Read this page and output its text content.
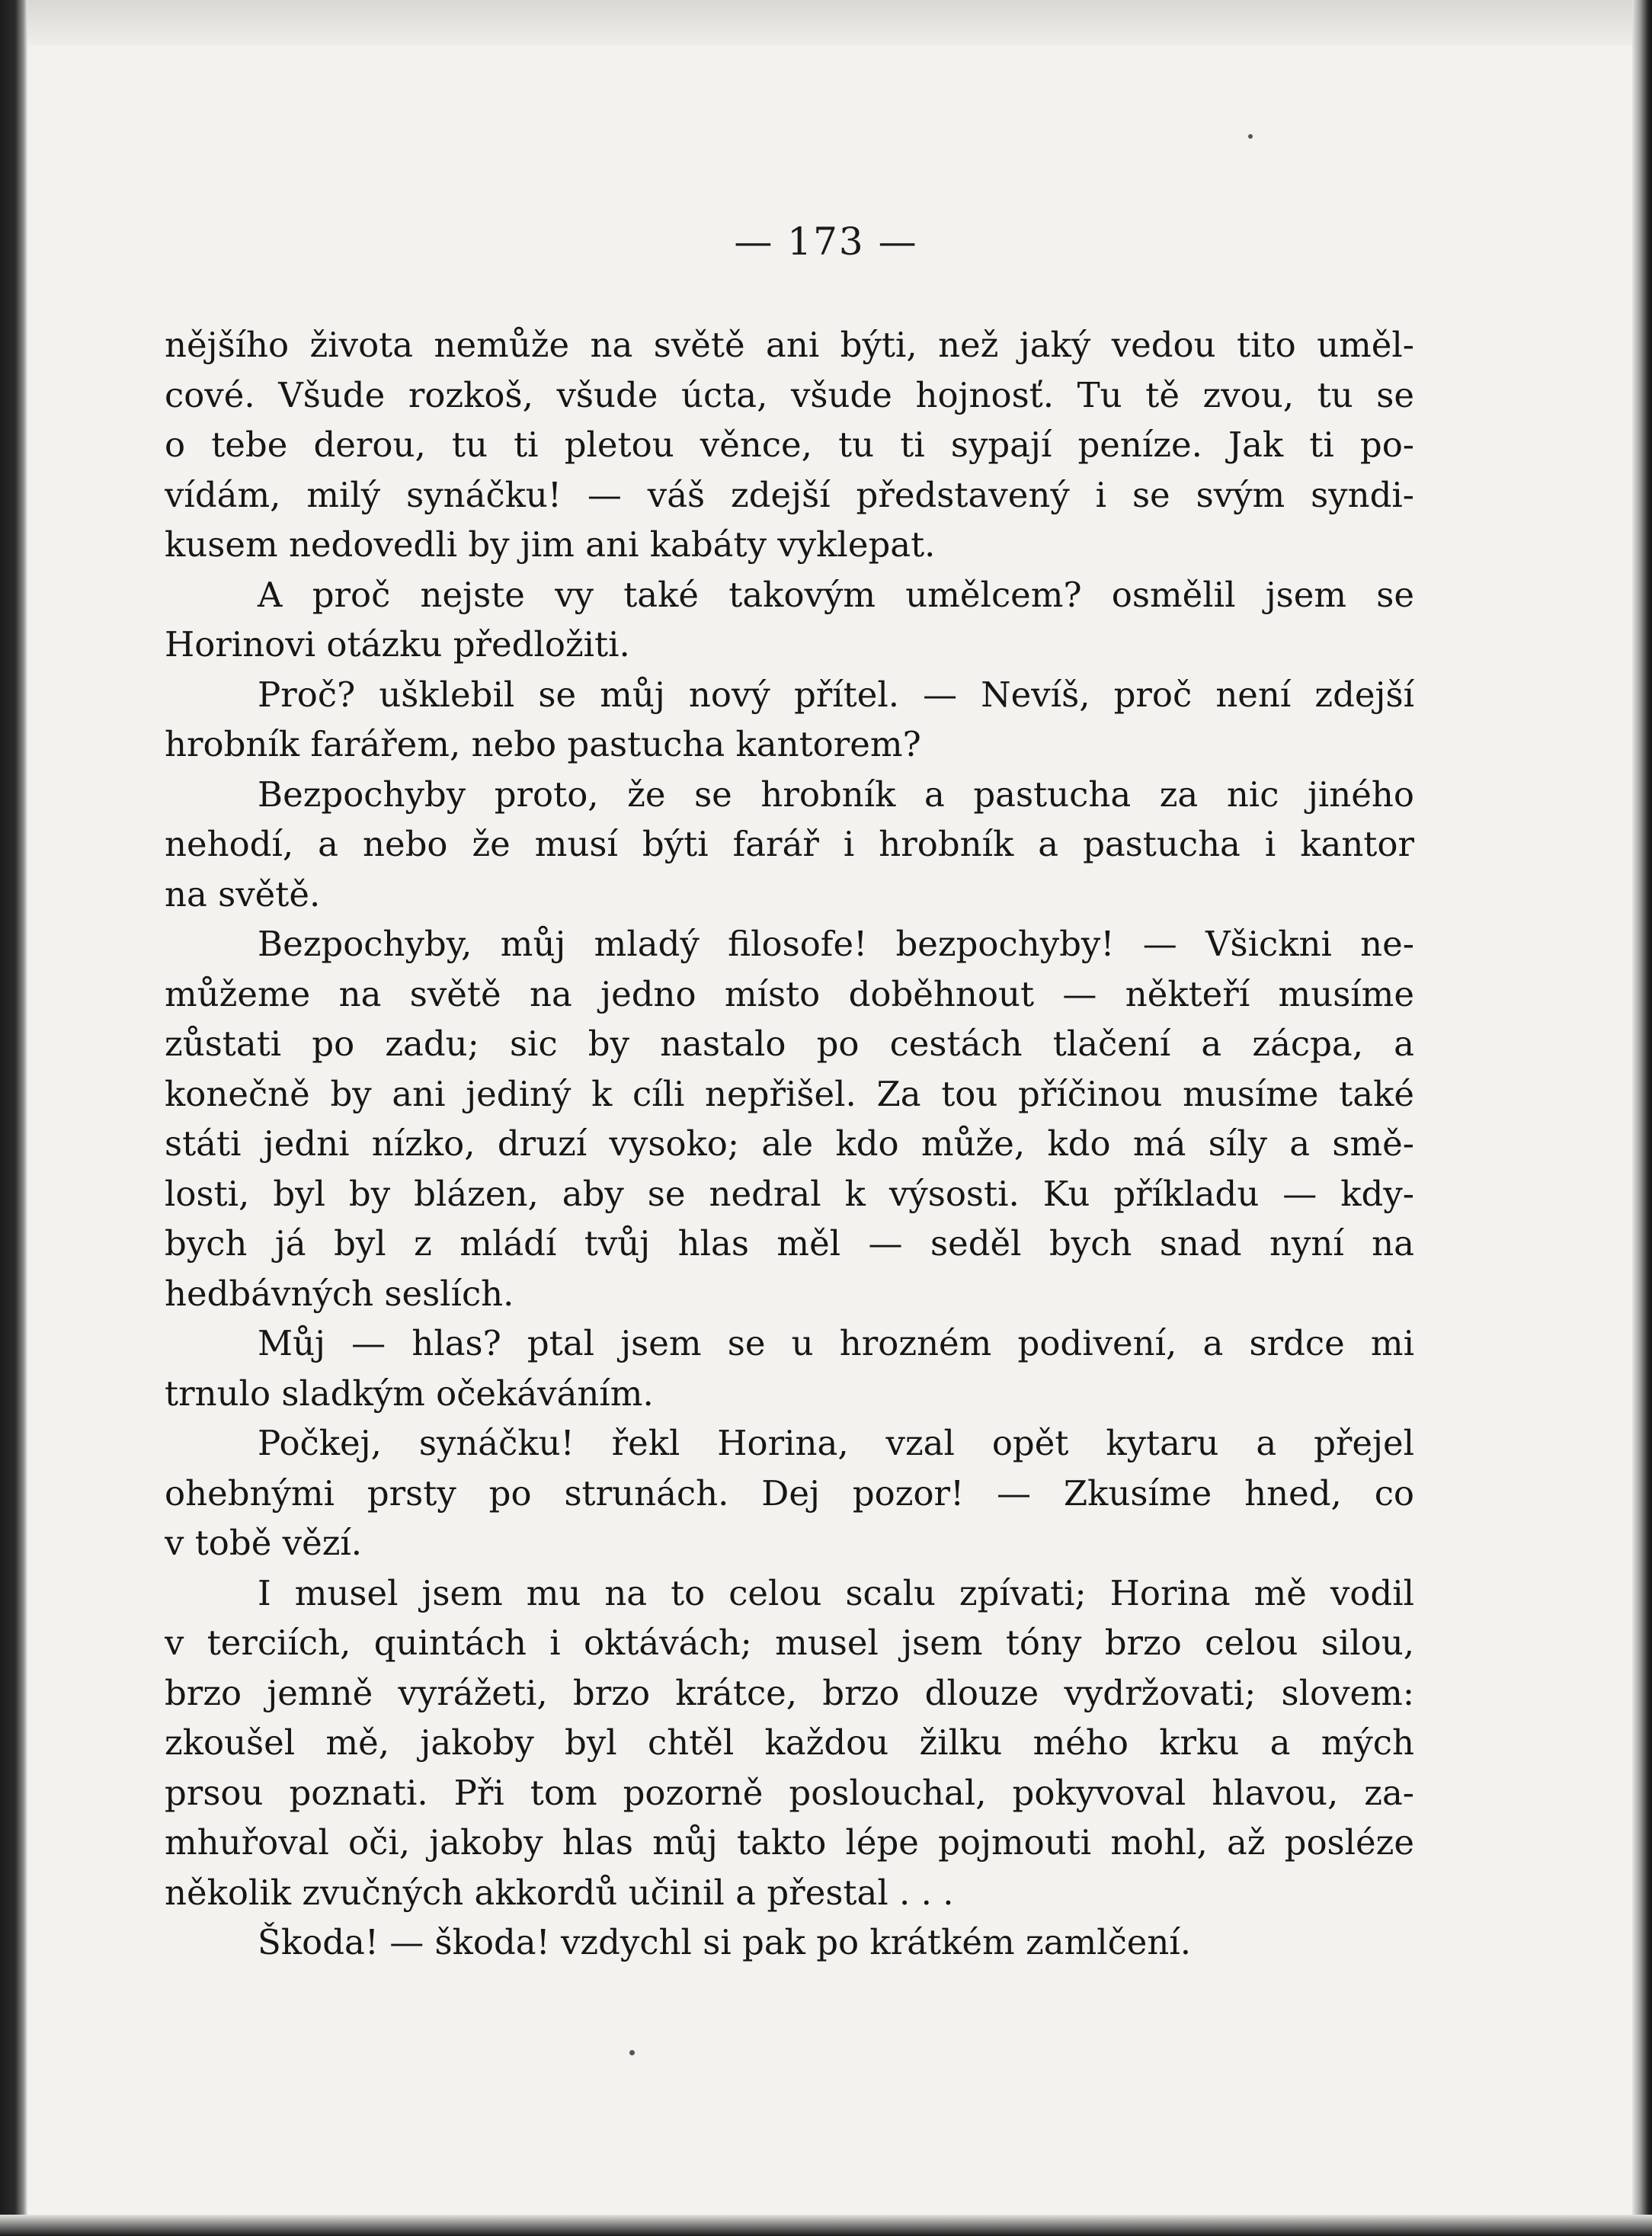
— 173 —
nějšího života nemůže na světě ani býti, než jaký vedou tito uměl-
cové. Všude rozkoš, všude úcta, všude hojnosť. Tu tě zvou, tu se
o tebe derou, tu ti pletou věnce, tu ti sypají peníze. Jak ti po-
vídám, milý synáčku! — váš zdejší představený i se svým syndi-
kusem nedovedli by jim ani kabáty vyklepat.
A proč nejste vy také takovým umělcem? osmělil jsem se
Horinovi otázku předložiti.
Proč? ušklebil se můj nový přítel. — Nevíš, proč není zdejší
hrobník farářem, nebo pastucha kantorem?
Bezpochyby proto, že se hrobník a pastucha za nic jiného
nehodí, a nebo že musí býti farář i hrobník a pastucha i kantor
na světě.
Bezpochyby, můj mladý filosofe! bezpochyby! — Všickni ne-
můžeme na světě na jedno místo doběhnout — někteří musíme
zůstati po zadu; sic by nastalo po cestách tlačení a zácpa, a
konečně by ani jediný k cíli nepřišel. Za tou příčinou musíme také
státi jedni nízko, druzí vysoko; ale kdo může, kdo má síly a smě-
losti, byl by blázen, aby se nedral k výsosti. Ku příkladu — kdy-
bych já byl z mládí tvůj hlas měl — seděl bych snad nyní na
hedbávných seslích.
Můj — hlas? ptal jsem se u hrozném podivení, a srdce mi
trnulo sladkým očekáváním.
Počkej, synáčku! řekl Horina, vzal opět kytaru a přejel
ohebnými prsty po strunách. Dej pozor! — Zkusíme hned, co
v tobě vězí.
I musel jsem mu na to celou scalu zpívati; Horina mě vodil
v terciích, quintách i oktávách; musel jsem tóny brzo celou silou,
brzo jemně vyrážeti, brzo krátce, brzo dlouze vydržovati; slovem:
zkoušel mě, jakoby byl chtěl každou žilku mého krku a mých
prsou poznati. Při tom pozorně poslouchal, pokyvoval hlavou, za-
mhuřoval oči, jakoby hlas můj takto lépe pojmouti mohl, až posléze
několik zvučných akkordů učinil a přestal . . .
Škoda! — škoda! vzdychl si pak po krátkém zamlčení.
